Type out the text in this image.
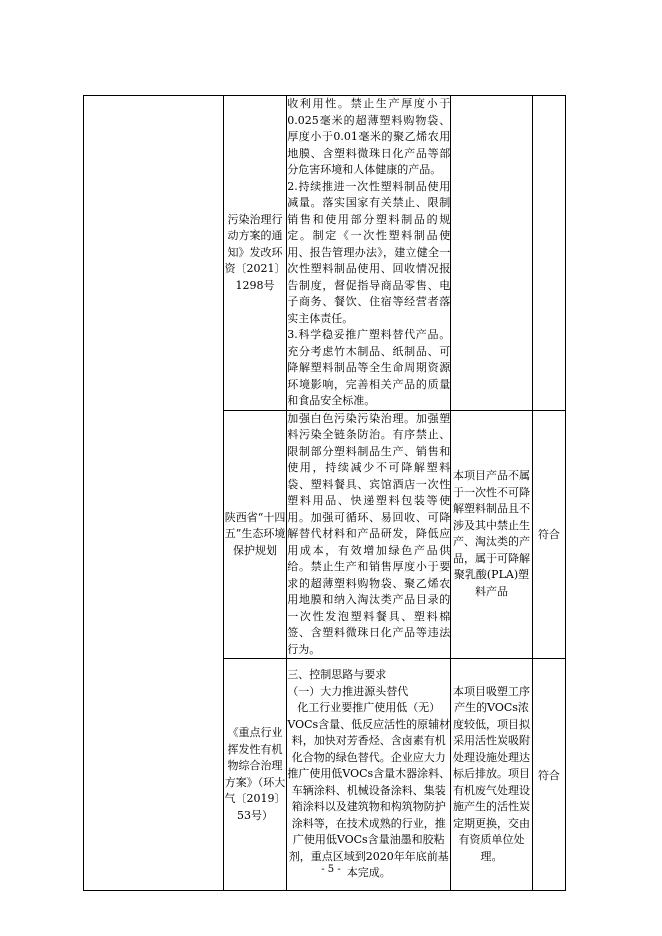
	污染治理行动方案的通知》发改环资〔2021〕1298号	收利用性。禁止生产厚度小于0.025毫米的超薄塑料购物袋、厚度小于0.01毫米的聚乙烯农用地膜、含塑料微珠日化产品等部分危害环境和人体健康的产品。

2.持续推进一次性塑料制品使用减量。落实国家有关禁止、限制销售和使用部分塑料制品的规定。制定《一次性塑料制品使用、报告管理办法》，建立健全一次性塑料制品使用、回收情况报告制度，督促指导商品零售、电子商务、餐饮、住宿等经营者落实主体责任。

3.科学稳妥推广塑料替代产品。充分考虑竹木制品、纸制品、可降解塑料制品等全生命周期资源环境影响，完善相关产品的质量和食品安全标准。		

	陕西省“十四五”生态环境保护规划	加强白色污染污染治理。加强塑料污染全链条防治。有序禁止、限制部分塑料制品生产、销售和使用，持续减少不可降解塑料袋、塑料餐具、宾馆酒店一次性塑料用品、快递塑料包装等使用。加强可循环、易回收、可降解替代材料和产品研发，降低应用成本，有效增加绿色产品供给。禁止生产和销售厚度小于要求的超薄塑料购物袋、聚乙烯农用地膜和纳入淘汰类产品目录的一次性发泡塑料餐具、塑料棉签、含塑料微珠日化产品等违法行为。	本项目产品不属于一次性不可降解塑料制品且不涉及其中禁止生产、淘汰类的产品，属于可降解聚乳酸(PLA)塑料产品	符合
	《重点行业挥发性有机物综合治理方案》（环大气〔2019〕53号）	三、控制思路与要求

（一）大力推进源头替代

化工行业要推广使用低（无）VOCs含量、低反应活性的原辅材料，加快对芳香烃、含卤素有机化合物的绿色替代。企业应大力推广使用低VOCs含量木器涂料、车辆涂料、机械设备涂料、集装箱涂料以及建筑物和构筑物防护涂料等，在技术成熟的行业，推广使用低VOCs含量油墨和胶粘剂，重点区域到2020年年底前基本完成。	本项目吸塑工序产生的VOCs浓度较低，项目拟采用活性炭吸附处理设施处理达标后排放。项目有机废气处理设施产生的活性炭定期更换，交由有资质单位处理。	符合
- 5 -
